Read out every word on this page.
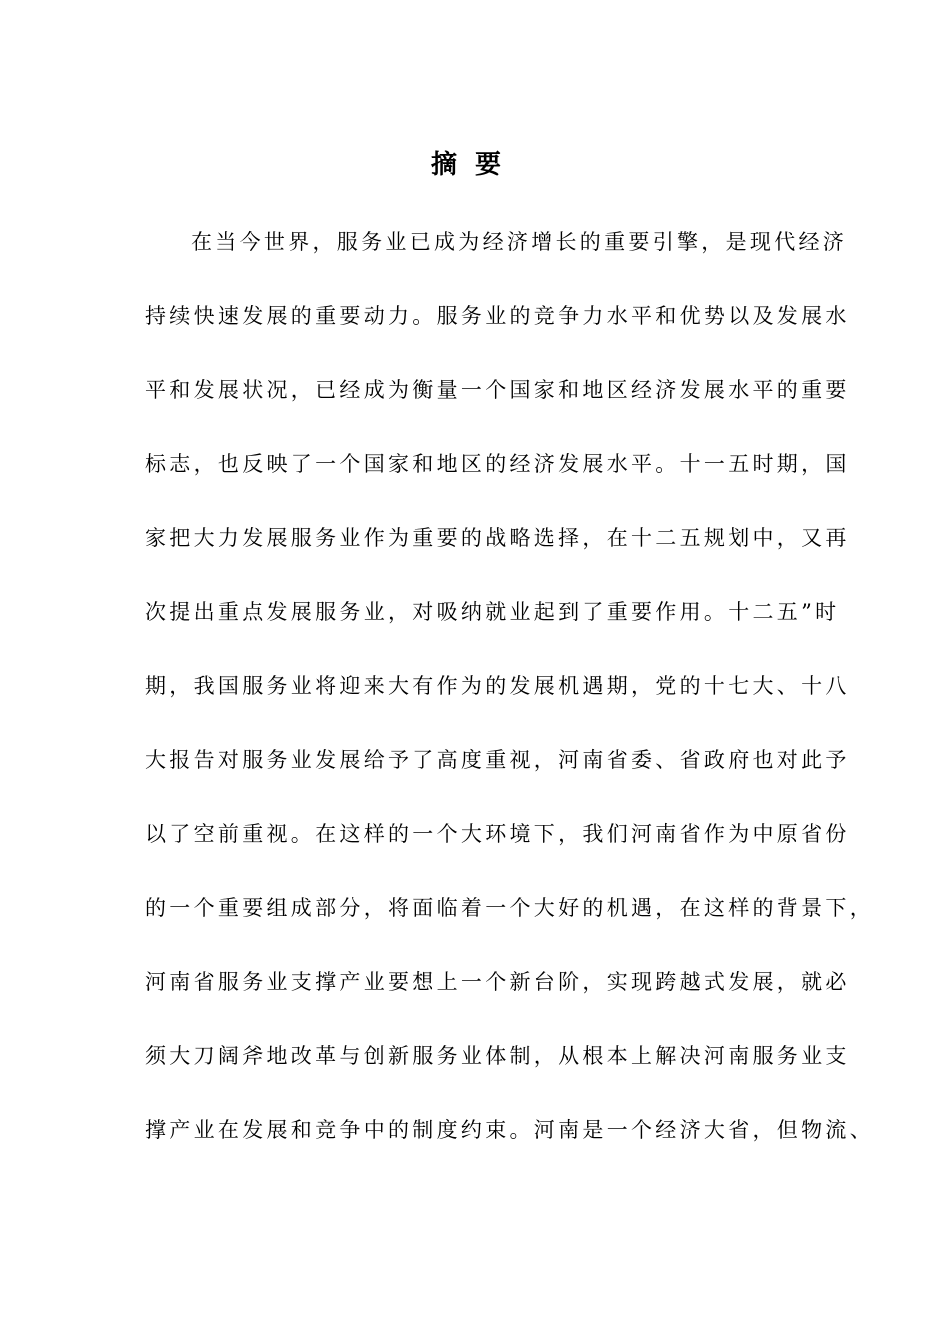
摘要
在当今世界，服务业已成为经济增长的重要引擎，是现代经济
持续快速发展的重要动力。服务业的竞争力水平和优势以及发展水
平和发展状况，已经成为衡量一个国家和地区经济发展水平的重要
标志，也反映了一个国家和地区的经济发展水平。十一五时期，国
家把大力发展服务业作为重要的战略选择，在十二五规划中，又再
次提出重点发展服务业，对吸纳就业起到了重要作用。十二五”时
期，我国服务业将迎来大有作为的发展机遇期，党的十七大、十八
大报告对服务业发展给予了高度重视，河南省委、省政府也对此予
以了空前重视。在这样的一个大环境下，我们河南省作为中原省份
的一个重要组成部分，将面临着一个大好的机遇，在这样的背景下，
河南省服务业支撑产业要想上一个新台阶，实现跨越式发展，就必
须大刀阔斧地改革与创新服务业体制，从根本上解决河南服务业支
撑产业在发展和竞争中的制度约束。河南是一个经济大省，但物流、
